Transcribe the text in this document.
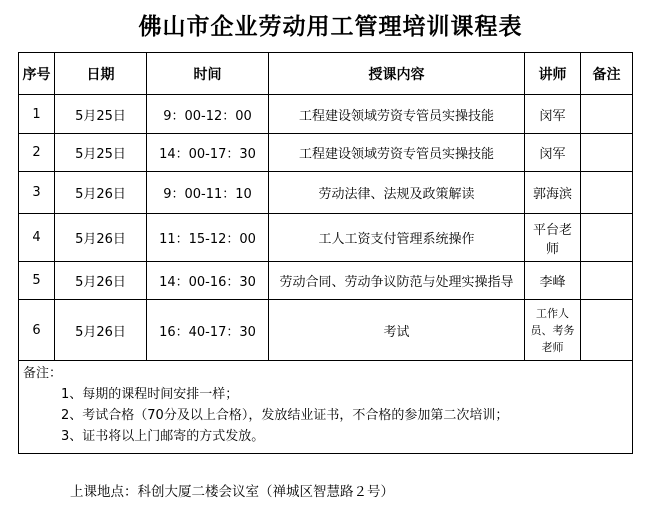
佛山市企业劳动用工管理培训课程表
序号	日期	时间	授课内容	讲师	备注
1	5月25日	9：00-12：00	工程建设领域劳资专管员实操技能	闵军	
2	5月25日	14：00-17：30	工程建设领域劳资专管员实操技能	闵军	
3	5月26日	9：00-11：10	劳动法律、法规及政策解读	郭海滨	
4	5月26日	11：15-12：00	工人工资支付管理系统操作	平台老师	
5	5月26日	14：00-16：30	劳动合同、劳动争议防范与处理实操指导	李峰	
6	5月26日	16：40-17：30	考试	工作人员、考务老师	

备注：
1、每期的课程时间安排一样；
2、考试合格（70分及以上合格），发放结业证书，不合格的参加第二次培训；
3、证书将以上门邮寄的方式发放。					
上课地点：科创大厦二楼会议室（禅城区智慧路２号）
